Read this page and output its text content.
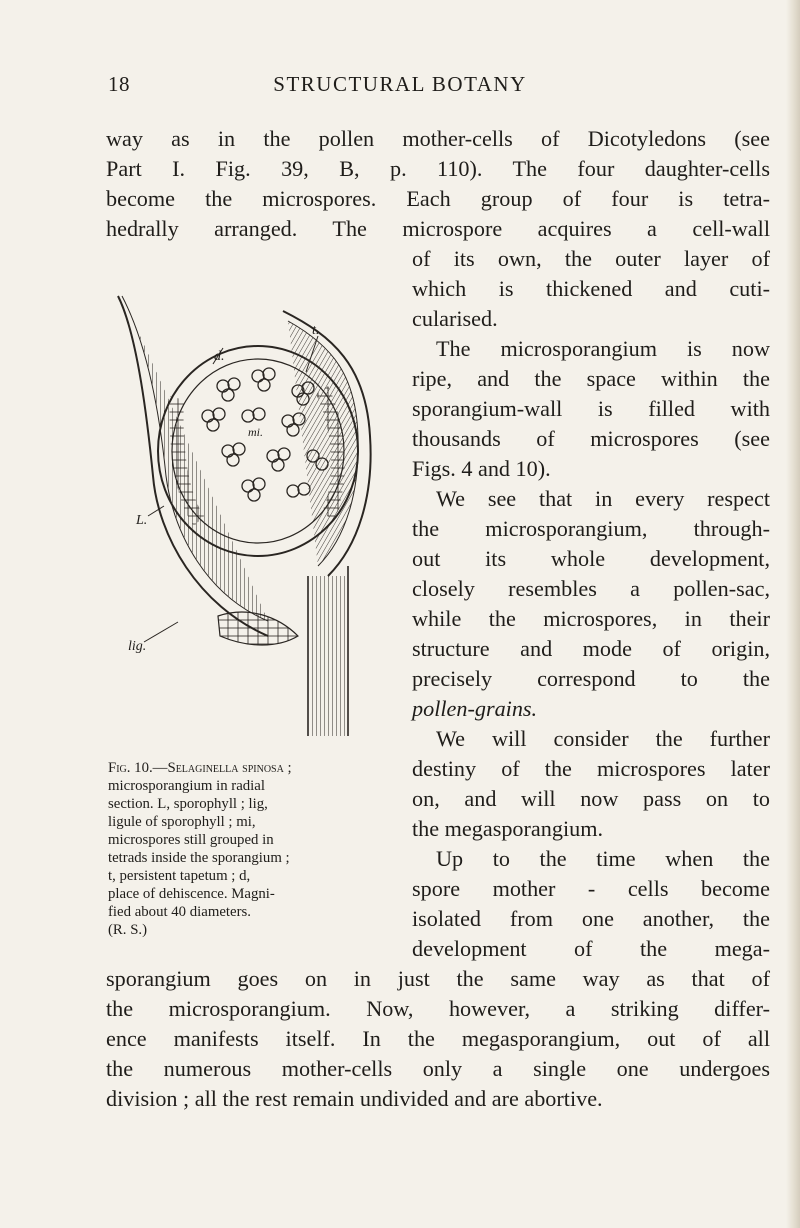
18	STRUCTURAL BOTANY
way as in the pollen mother-cells of Dicotyledons (see
Part I. Fig. 39, B, p. 110). The four daughter-cells
become the microspores. Each group of four is tetra-
hedrally arranged. The microspore acquires a cell-wall
of its own, the outer layer of
which is thickened and cuti-
cularised.
The microsporangium is now
ripe, and the space within the
sporangium-wall is filled with
thousands of microspores (see
Figs. 4 and 10).
We see that in every respect
the microsporangium, through-
out its whole development,
closely resembles a pollen-sac,
while the microspores, in their
structure and mode of origin,
precisely correspond to the
pollen-grains.
We will consider the further
destiny of the microspores later
on, and will now pass on to
the megasporangium.
Up to the time when the
spore mother - cells become
isolated from one another, the
development of the mega-
sporangium goes on in just the same way as that of
the microsporangium. Now, however, a striking differ-
ence manifests itself. In the megasporangium, out of all
the numerous mother-cells only a single one undergoes
division ; all the rest remain undivided and are abortive.
t.
d.
mi.
L.
lig.
Fig. 10.—Selaginella spinosa ;
microsporangium in radial
section. L, sporophyll ; lig,
ligule of sporophyll ; mi,
microspores still grouped in
tetrads inside the sporangium ;
t, persistent tapetum ; d,
place of dehiscence. Magni-
fied about 40 diameters.
(R. S.)
